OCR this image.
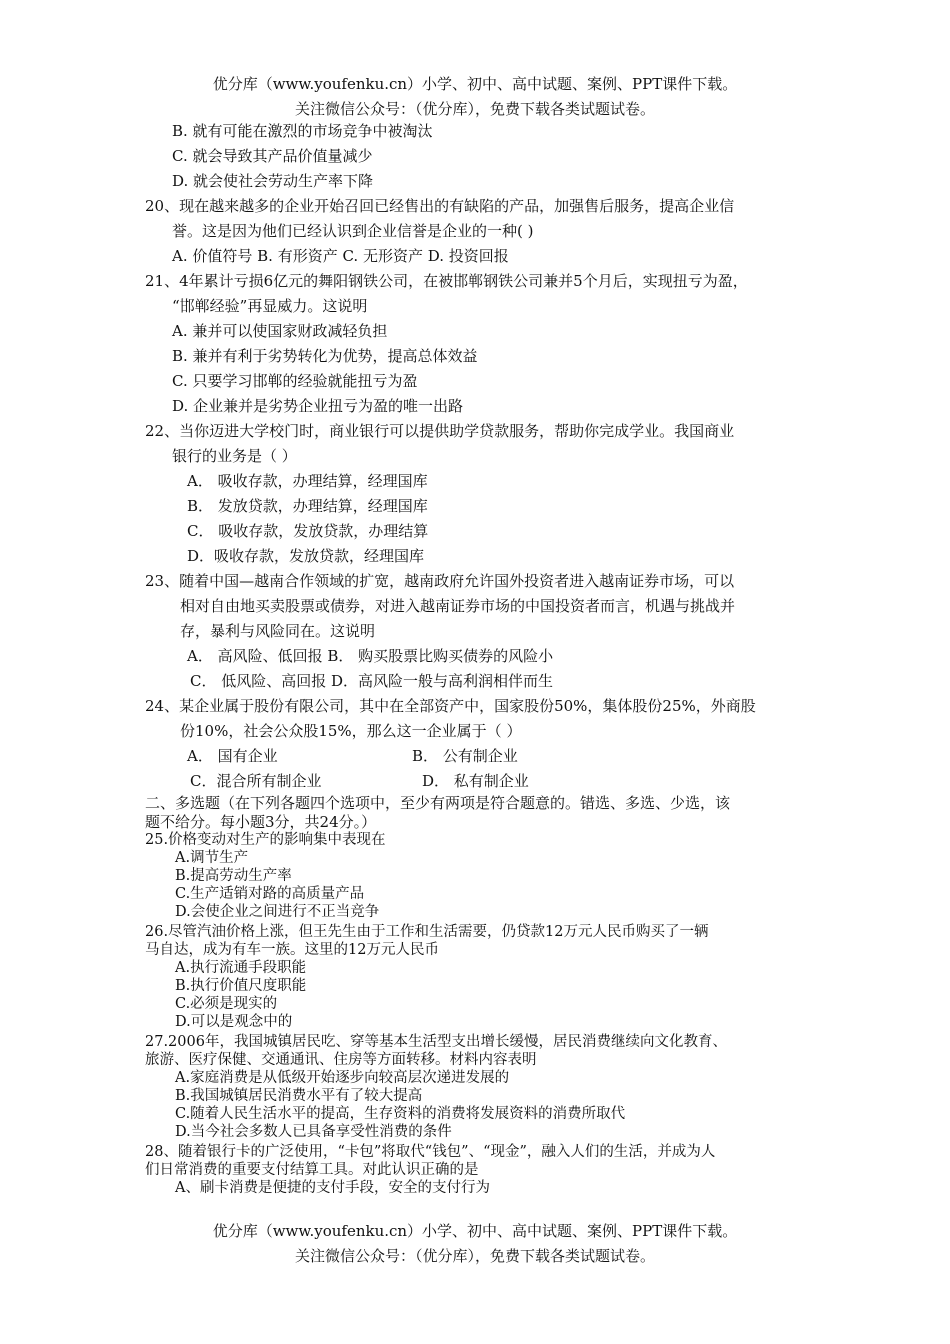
优分库（www.youfenku.cn）小学、初中、高中试题、案例、PPT课件下载。
关注微信公众号：（优分库），免费下载各类试题试卷。
B. 就有可能在激烈的市场竞争中被淘汰
C. 就会导致其产品价值量减少
D. 就会使社会劳动生产率下降
20、现在越来越多的企业开始召回已经售出的有缺陷的产品，加强售后服务，提高企业信
誉。这是因为他们已经认识到企业信誉是企业的一种( )
A. 价值符号 B. 有形资产 C. 无形资产 D. 投资回报
21、4年累计亏损6亿元的舞阳钢铁公司，在被邯郸钢铁公司兼并5个月后，实现扭亏为盈，
“邯郸经验”再显威力。这说明
A. 兼并可以使国家财政减轻负担
B. 兼并有利于劣势转化为优势，提高总体效益
C. 只要学习邯郸的经验就能扭亏为盈
D. 企业兼并是劣势企业扭亏为盈的唯一出路
22、当你迈进大学校门时，商业银行可以提供助学贷款服务，帮助你完成学业。我国商业
银行的业务是（ ）
A． 吸收存款，办理结算，经理国库
B． 发放贷款，办理结算，经理国库
C． 吸收存款，发放贷款，办理结算
D．吸收存款，发放贷款，经理国库
23、随着中国—越南合作领域的扩宽，越南政府允许国外投资者进入越南证券市场，可以
相对自由地买卖股票或债券，对进入越南证券市场的中国投资者而言，机遇与挑战并
存，暴利与风险同在。这说明
A． 高风险、低回报 B． 购买股票比购买债券的风险小
C． 低风险、高回报 D．高风险一般与高利润相伴而生
24、某企业属于股份有限公司，其中在全部资产中，国家股份50%，集体股份25%，外商股
份10%，社会公众股15%，那么这一企业属于（ ）
A． 国有企业	B． 公有制企业
C．混合所有制企业	D． 私有制企业
二、多选题（在下列各题四个选项中，至少有两项是符合题意的。错选、多选、少选，该
题不给分。每小题3分，共24分。）
25.价格变动对生产的影响集中表现在
A.调节生产
B.提高劳动生产率
C.生产适销对路的高质量产品
D.会使企业之间进行不正当竞争
26.尽管汽油价格上涨，但王先生由于工作和生活需要，仍贷款12万元人民币购买了一辆
马自达，成为有车一族。这里的12万元人民币
A.执行流通手段职能
B.执行价值尺度职能
C.必须是现实的
D.可以是观念中的
27.2006年，我国城镇居民吃、穿等基本生活型支出增长缓慢，居民消费继续向文化教育、
旅游、医疗保健、交通通讯、住房等方面转移。材料内容表明
A.家庭消费是从低级开始逐步向较高层次递进发展的
B.我国城镇居民消费水平有了较大提高
C.随着人民生活水平的提高，生存资料的消费将发展资料的消费所取代
D.当今社会多数人已具备享受性消费的条件
28、随着银行卡的广泛使用，“卡包”将取代“钱包”、“现金”，融入人们的生活，并成为人
们日常消费的重要支付结算工具。对此认识正确的是
A、刷卡消费是便捷的支付手段，安全的支付行为
优分库（www.youfenku.cn）小学、初中、高中试题、案例、PPT课件下载。
关注微信公众号：（优分库），免费下载各类试题试卷。
